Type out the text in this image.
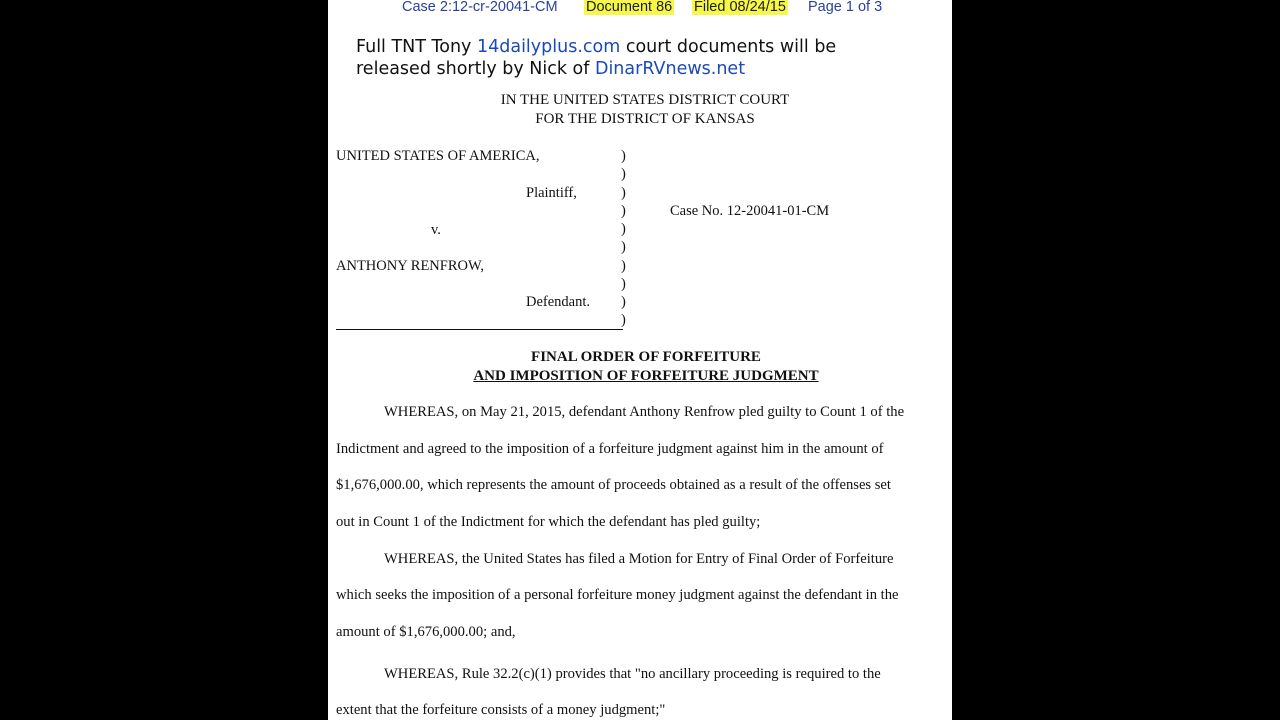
Case 2:12-cr-20041-CM Document 86 Filed 08/24/15 Page 1 of 3
Full TNT Tony 14dailyplus.com court documents will be
released shortly by Nick of DinarRVnews.net
IN THE UNITED STATES DISTRICT COURT
FOR THE DISTRICT OF KANSAS
UNITED STATES OF AMERICA,
Plaintiff,
v.
ANTHONY RENFROW,
Defendant.
)
)
)
)
)
)
)
)
)
)
Case No. 12-20041-01-CM
FINAL ORDER OF FORFEITURE
AND IMPOSITION OF FORFEITURE JUDGMENT
WHEREAS, on May 21, 2015, defendant Anthony Renfrow pled guilty to Count 1 of the
Indictment and agreed to the imposition of a forfeiture judgment against him in the amount of
$1,676,000.00, which represents the amount of proceeds obtained as a result of the offenses set
out in Count 1 of the Indictment for which the defendant has pled guilty;
WHEREAS, the United States has filed a Motion for Entry of Final Order of Forfeiture
which seeks the imposition of a personal forfeiture money judgment against the defendant in the
amount of $1,676,000.00; and,
WHEREAS, Rule 32.2(c)(1) provides that "no ancillary proceeding is required to the
extent that the forfeiture consists of a money judgment;"
